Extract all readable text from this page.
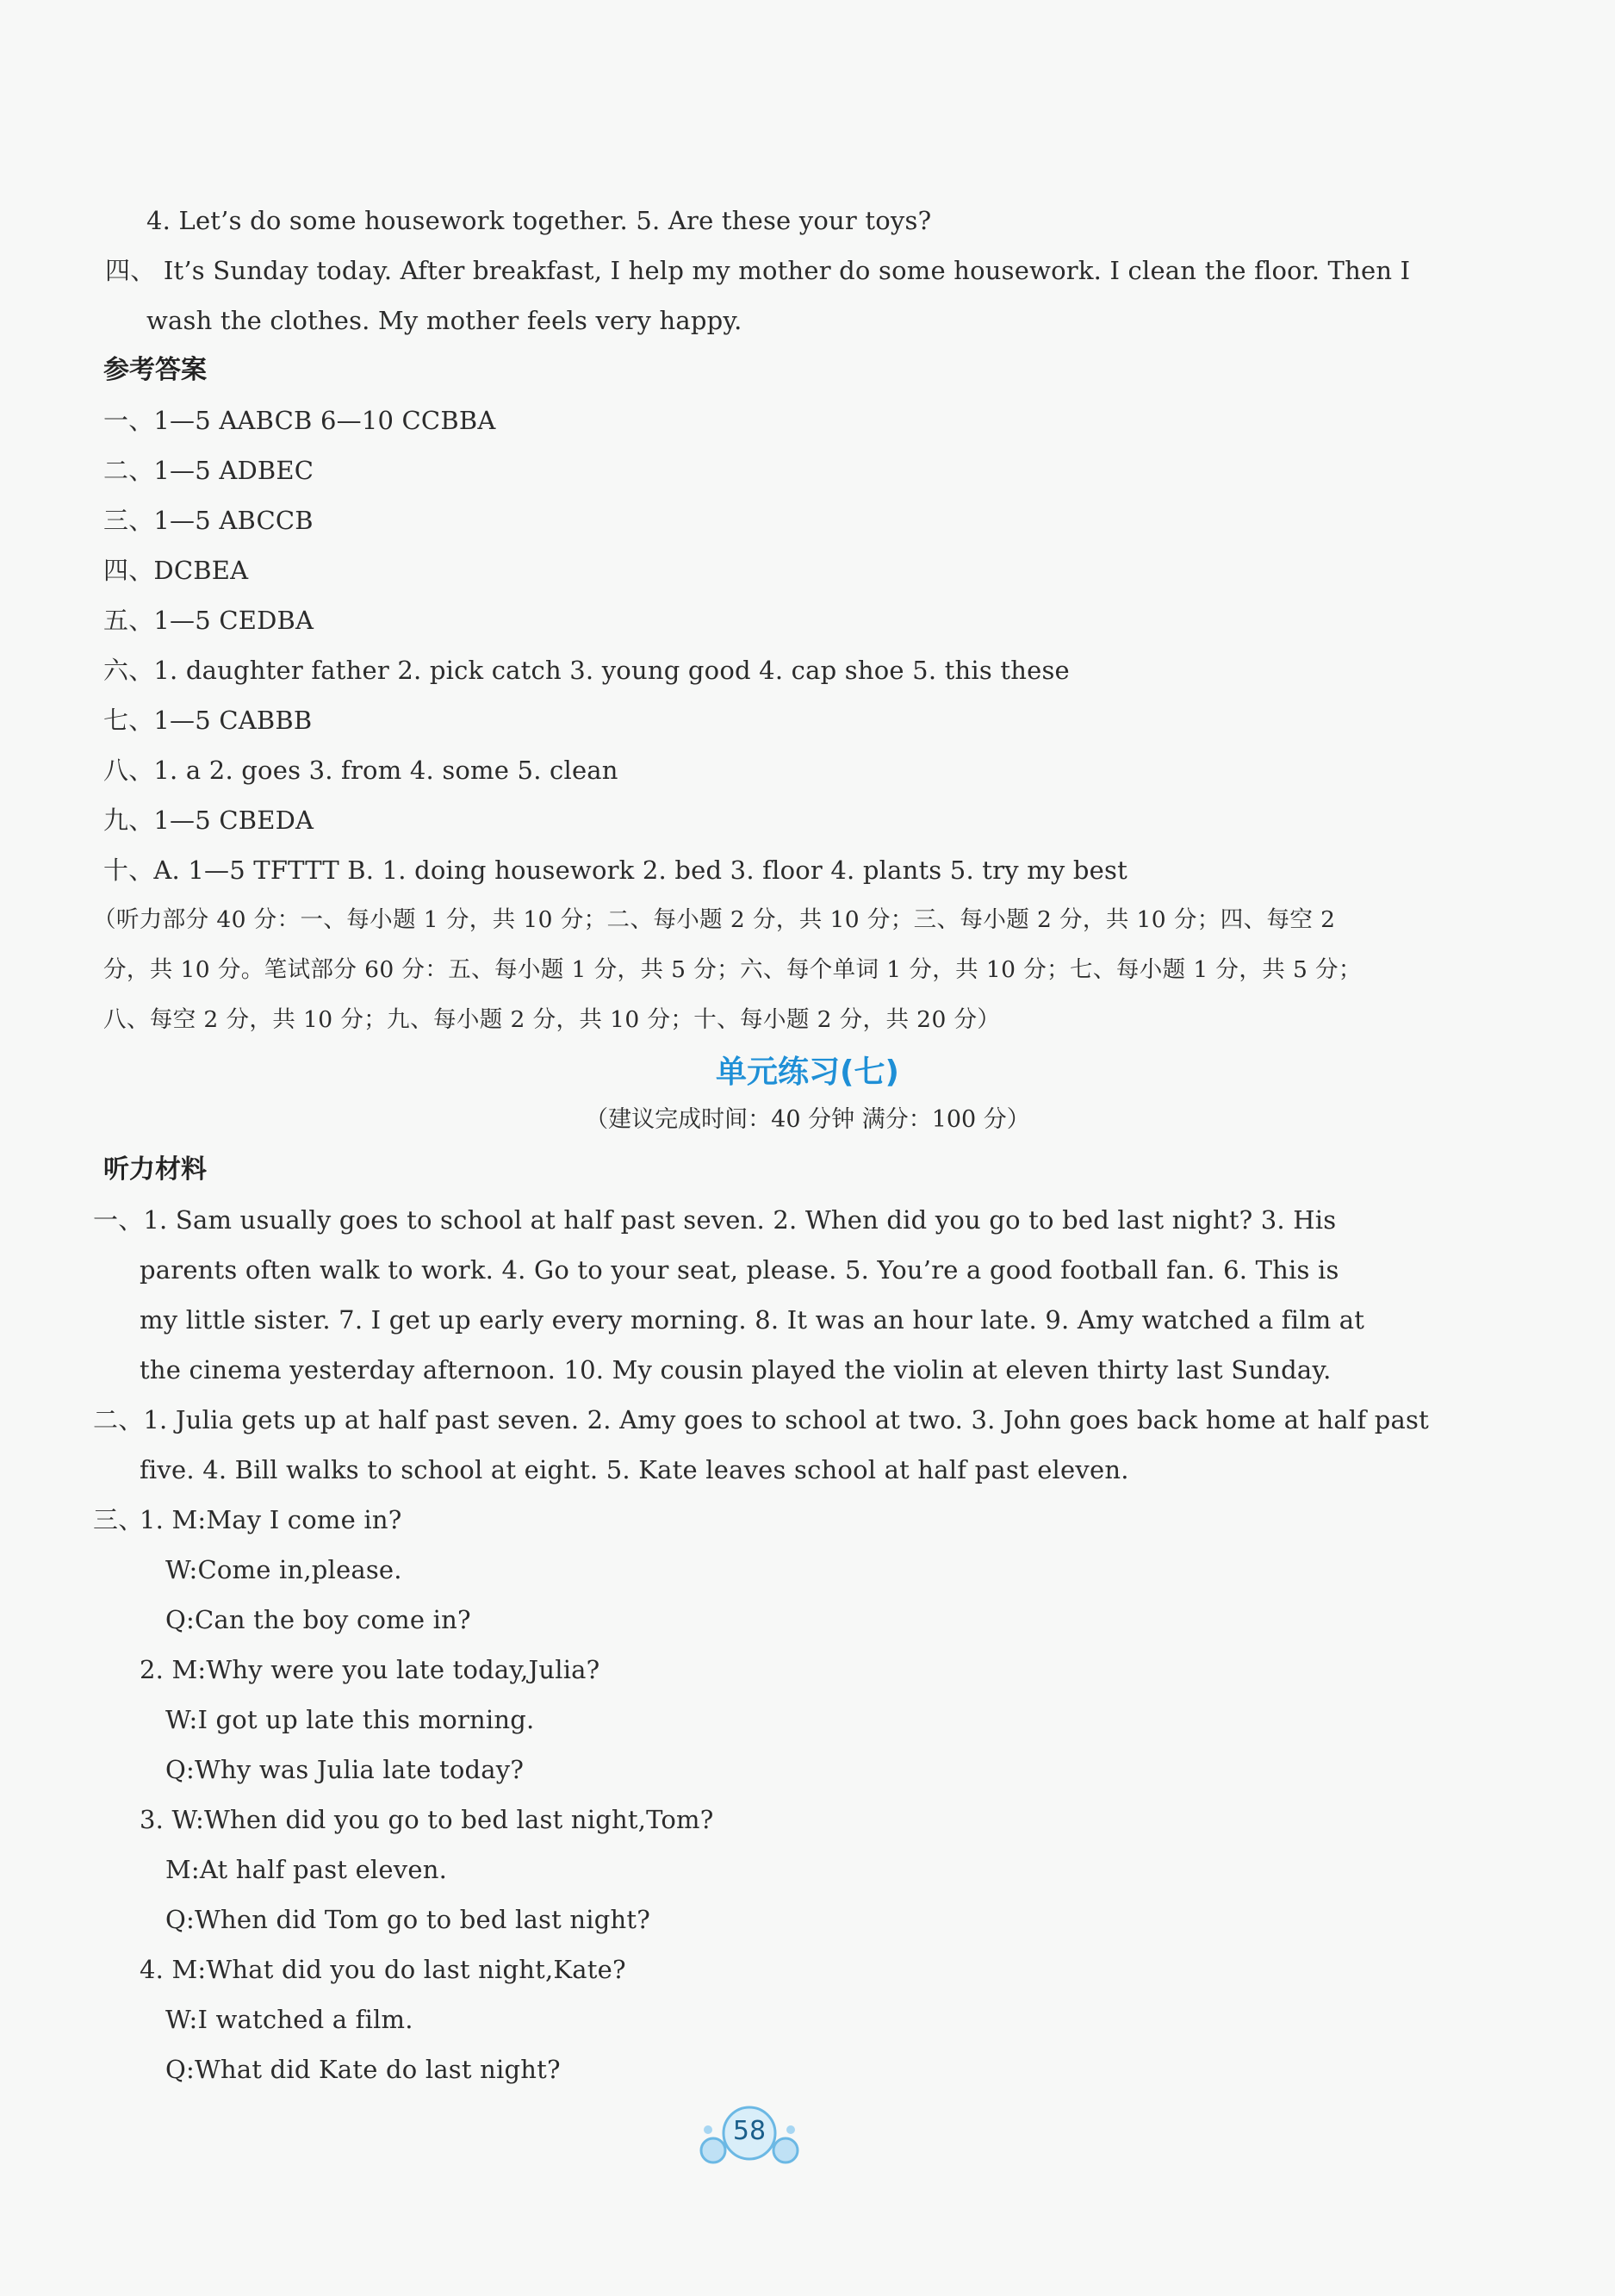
4. Let’s do some housework together. 5. Are these your toys?
四、 It’s Sunday today. After breakfast, I help my mother do some housework. I clean the floor. Then I
wash the clothes. My mother feels very happy.
参考答案
一、1—5 AABCB 6—10 CCBBA
二、1—5 ADBEC
三、1—5 ABCCB
四、DCBEA
五、1—5 CEDBA
六、1. daughter father 2. pick catch 3. young good 4. cap shoe 5. this these
七、1—5 CABBB
八、1. a 2. goes 3. from 4. some 5. clean
九、1—5 CBEDA
十、A. 1—5 TFTTT B. 1. doing housework 2. bed 3. floor 4. plants 5. try my best
（听力部分 40 分：一、每小题 1 分，共 10 分；二、每小题 2 分，共 10 分；三、每小题 2 分，共 10 分；四、每空 2
分，共 10 分。笔试部分 60 分：五、每小题 1 分，共 5 分；六、每个单词 1 分，共 10 分；七、每小题 1 分，共 5 分；
八、每空 2 分，共 10 分；九、每小题 2 分，共 10 分；十、每小题 2 分，共 20 分）
单元练习(七)
（建议完成时间：40 分钟 满分：100 分）
听力材料
一、1. Sam usually goes to school at half past seven. 2. When did you go to bed last night? 3. His
parents often walk to work. 4. Go to your seat, please. 5. You’re a good football fan. 6. This is
my little sister. 7. I get up early every morning. 8. It was an hour late. 9. Amy watched a film at
the cinema yesterday afternoon. 10. My cousin played the violin at eleven thirty last Sunday.
二、1. Julia gets up at half past seven. 2. Amy goes to school at two. 3. John goes back home at half past
five. 4. Bill walks to school at eight. 5. Kate leaves school at half past eleven.
三、
1. M:May I come in?
W:Come in,please.
Q:Can the boy come in?
2. M:Why were you late today,Julia?
W:I got up late this morning.
Q:Why was Julia late today?
3. W:When did you go to bed last night,Tom?
M:At half past eleven.
Q:When did Tom go to bed last night?
4. M:What did you do last night,Kate?
W:I watched a film.
Q:What did Kate do last night?
58
